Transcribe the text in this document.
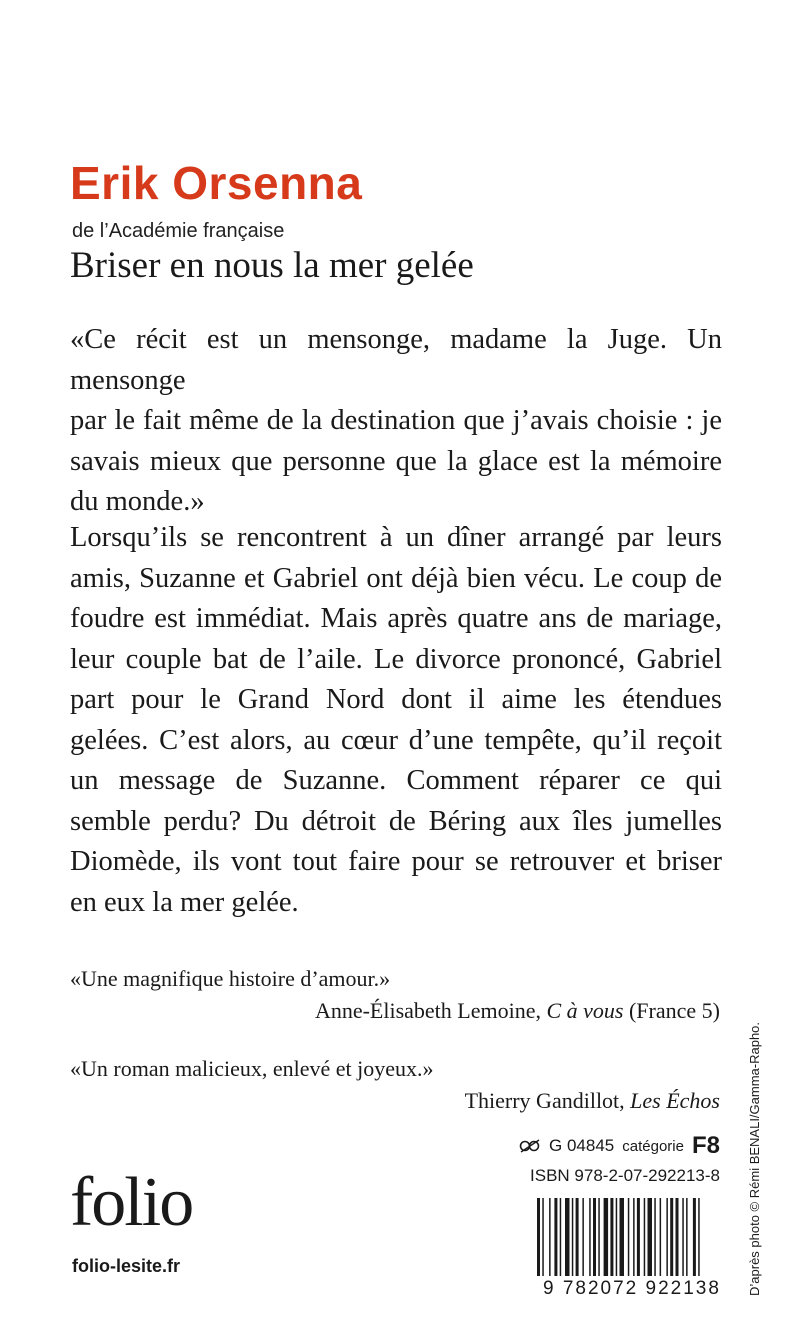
Erik Orsenna
de l’Académie française
Briser en nous la mer gelée
«Ce récit est un mensonge, madame la Juge. Un mensonge
par le fait même de la destination que j’avais choisie : je
savais mieux que personne que la glace est la mémoire
du monde.»
Lorsqu’ils se rencontrent à un dîner arrangé par leurs
amis, Suzanne et Gabriel ont déjà bien vécu. Le coup de
foudre est immédiat. Mais après quatre ans de mariage,
leur couple bat de l’aile. Le divorce prononcé, Gabriel
part pour le Grand Nord dont il aime les étendues
gelées. C’est alors, au cœur d’une tempête, qu’il reçoit
un message de Suzanne. Comment réparer ce qui
semble perdu? Du détroit de Béring aux îles jumelles
Diomède, ils vont tout faire pour se retrouver et briser
en eux la mer gelée.
«Une magnifique histoire d’amour.»
Anne-Élisabeth Lemoine, C à vous (France 5)
«Un roman malicieux, enlevé et joyeux.»
Thierry Gandillot, Les Échos
G 04845 catégorie F8
ISBN 978-2-07-292213-8
folio
folio-lesite.fr
9 782072 922138 D’après photo © Rémi BENALI/Gamma-Rapho.
